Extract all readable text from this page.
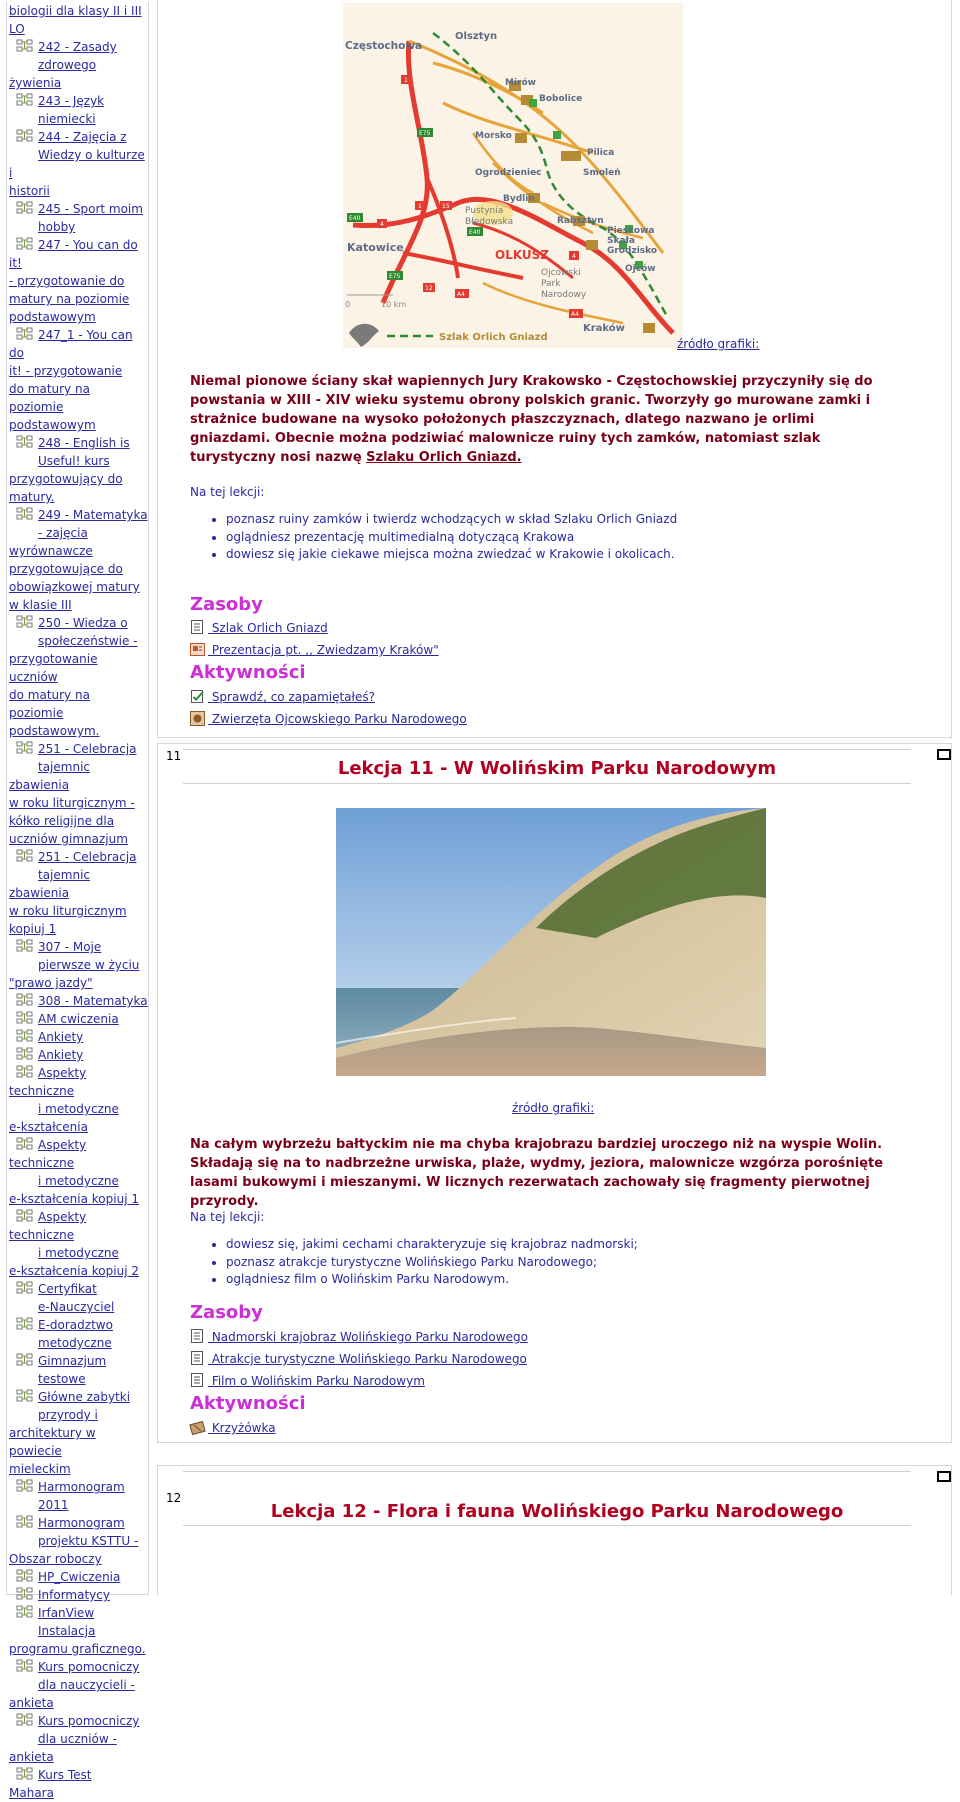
biologii dla klasy II i III
LO
242 - Zasady
zdrowego żywienia

243 - Język
niemiecki

244 - Zajęcia z
Wiedzy o kulturze i
historii

245 - Sport moim
hobby

247 - You can do it!
- przygotowanie do
matury na poziomie
podstawowym

247_1 - You can do
it! - przygotowanie
do matury na poziomie
podstawowym

248 - English is
Useful! kurs
przygotowujący do
matury.

249 - Matematyka
- zajęcia
wyrównawcze
przygotowujące do
obowiązkowej matury
w klasie III

250 - Wiedza o
społeczeństwie -
przygotowanie uczniów
do matury na poziomie
podstawowym.

251 - Celebracja
tajemnic zbawienia
w roku liturgicznym -
kółko religijne dla
uczniów gimnazjum

251 - Celebracja
tajemnic zbawienia
w roku liturgicznym
kopiuj 1

307 - Moje
pierwsze w życiu
"prawo jazdy"

308 - Matematyka

AM cwiczenia

Ankiety

Ankiety

Aspekty techniczne
i metodyczne
e-kształcenia

Aspekty techniczne
i metodyczne
e-kształcenia kopiuj 1

Aspekty techniczne
i metodyczne
e-kształcenia kopiuj 2

Certyfikat
e-Nauczyciel

E-doradztwo
metodyczne

Gimnazjum
testowe

Główne zabytki
przyrody i
architektury w powiecie
mieleckim

Harmonogram
2011

Harmonogram
projektu KSTTU -
Obszar roboczy

HP_Cwiczenia

Informatycy

IrfanView
Instalacja
programu graficznego.

Kurs pomocniczy
dla nauczycieli -
ankieta

Kurs pomocniczy
dla uczniów -
ankieta

Kurs Test
Mahara

Częstochowa
Olsztyn
Mirów
Bobolice
Morsko
Pilica
Ogrodzieniec	Smoleń
Bydlin
Pustynia
Błędowska	Rabsztyn
Pieskowa
Skała
Grodzisko
Katowice
OLKUSZ
Ojców
Ojcowski
Park
Narodowy
Kraków
1
E75
E40
4
1	15
E40
E75
12
A4
4
A4
0	10 km
Szlak Orlich Gniazd	źródło grafiki:
Niemal pionowe ściany skał wapiennych Jury Krakowsko - Częstochowskiej przyczyniły się do powstania w XIII - XIV wieku systemu obrony polskich granic. Tworzyły go murowane zamki i strażnice budowane na wysoko położonych płaszczyznach, dlatego nazwano je orlimi gniazdami. Obecnie można podziwiać malownicze ruiny tych zamków, natomiast szlak turystyczny nosi nazwę Szlaku Orlich Gniazd.
Na tej lekcji:
• poznasz ruiny zamków i twierdz wchodzących w skład Szlaku Orlich Gniazd
• oglądniesz prezentację multimedialną dotyczącą Krakowa
• dowiesz się jakie ciekawe miejsca można zwiedzać w Krakowie i okolicach.
Zasoby
Szlak Orlich Gniazd
Prezentacja pt. ,, Zwiedzamy Kraków"
Aktywności
Sprawdź, co zapamiętałeś?
Zwierzęta Ojcowskiego Parku Narodowego
11
Lekcja 11 - W Wolińskim Parku Narodowym
źródło grafiki:
Na całym wybrzeżu bałtyckim nie ma chyba krajobrazu bardziej uroczego niż na wyspie Wolin. Składają się na to nadbrzeżne urwiska, plaże, wydmy, jeziora, malownicze wzgórza porośnięte lasami bukowymi i mieszanymi. W licznych rezerwatach zachowały się fragmenty pierwotnej przyrody.
Na tej lekcji:
• dowiesz się, jakimi cechami charakteryzuje się krajobraz nadmorski;
• poznasz atrakcje turystyczne Wolińskiego Parku Narodowego;
• oglądniesz film o Wolińskim Parku Narodowym.
Zasoby
Nadmorski krajobraz Wolińskiego Parku Narodowego
Atrakcje turystyczne Wolińskiego Parku Narodowego
Film o Wolińskim Parku Narodowym
Aktywności
Krzyżówka
12
Lekcja 12 - Flora i fauna Wolińskiego Parku Narodowego
